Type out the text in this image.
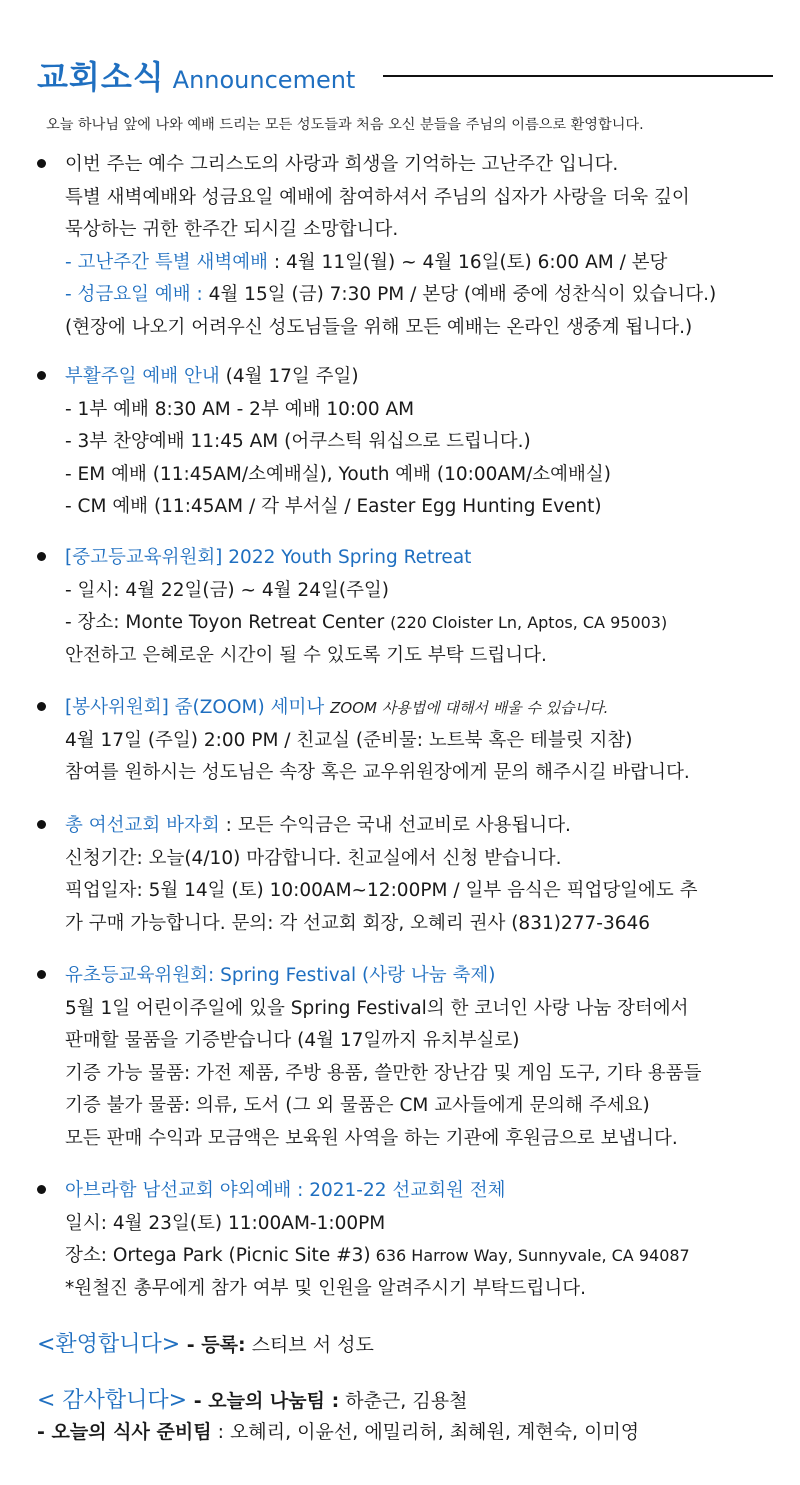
교회소식 Announcement
오늘 하나님 앞에 나와 예배 드리는 모든 성도들과 처음 오신 분들을 주님의 이름으로 환영합니다.
이번 주는 예수 그리스도의 사랑과 희생을 기억하는 고난주간 입니다.
특별 새벽예배와 성금요일 예배에 참여하셔서 주님의 십자가 사랑을 더욱 깊이
묵상하는 귀한 한주간 되시길 소망합니다.
- 고난주간 특별 새벽예배 : 4월 11일(월) ~ 4월 16일(토) 6:00 AM / 본당
- 성금요일 예배 : 4월 15일 (금) 7:30 PM / 본당 (예배 중에 성찬식이 있습니다.)
(현장에 나오기 어려우신 성도님들을 위해 모든 예배는 온라인 생중계 됩니다.)
부활주일 예배 안내 (4월 17일 주일)
- 1부 예배 8:30 AM - 2부 예배 10:00 AM
- 3부 찬양예배 11:45 AM (어쿠스틱 워십으로 드립니다.)
- EM 예배 (11:45AM/소예배실), Youth 예배 (10:00AM/소예배실)
- CM 예배 (11:45AM / 각 부서실 / Easter Egg Hunting Event)
[중고등교육위원회] 2022 Youth Spring Retreat
- 일시: 4월 22일(금) ~ 4월 24일(주일)
- 장소: Monte Toyon Retreat Center (220 Cloister Ln, Aptos, CA 95003)
안전하고 은혜로운 시간이 될 수 있도록 기도 부탁 드립니다.
[봉사위원회] 줌(ZOOM) 세미나 ZOOM 사용법에 대해서 배울 수 있습니다.
4월 17일 (주일) 2:00 PM / 친교실 (준비물: 노트북 혹은 테블릿 지참)
참여를 원하시는 성도님은 속장 혹은 교우위원장에게 문의 해주시길 바랍니다.
총 여선교회 바자회 : 모든 수익금은 국내 선교비로 사용됩니다.
신청기간: 오늘(4/10) 마감합니다. 친교실에서 신청 받습니다.
픽업일자: 5월 14일 (토) 10:00AM~12:00PM / 일부 음식은 픽업당일에도 추
가 구매 가능합니다. 문의: 각 선교회 회장, 오혜리 권사 (831)277-3646
유초등교육위원회: Spring Festival (사랑 나눔 축제)
5월 1일 어린이주일에 있을 Spring Festival의 한 코너인 사랑 나눔 장터에서
판매할 물품을 기증받습니다 (4월 17일까지 유치부실로)
기증 가능 물품: 가전 제품, 주방 용품, 쓸만한 장난감 및 게임 도구, 기타 용품들
기증 불가 물품: 의류, 도서 (그 외 물품은 CM 교사들에게 문의해 주세요)
모든 판매 수익과 모금액은 보육원 사역을 하는 기관에 후원금으로 보냅니다.
아브라함 남선교회 야외예배 : 2021-22 선교회원 전체
일시: 4월 23일(토) 11:00AM-1:00PM
장소: Ortega Park (Picnic Site #3) 636 Harrow Way, Sunnyvale, CA 94087
*원철진 총무에게 참가 여부 및 인원을 알려주시기 부탁드립니다.
<환영합니다> - 등록: 스티브 서 성도
< 감사합니다> - 오늘의 나눔팀 : 하춘근, 김용철
- 오늘의 식사 준비팀 : 오혜리, 이윤선, 에밀리허, 최혜원, 계현숙, 이미영
